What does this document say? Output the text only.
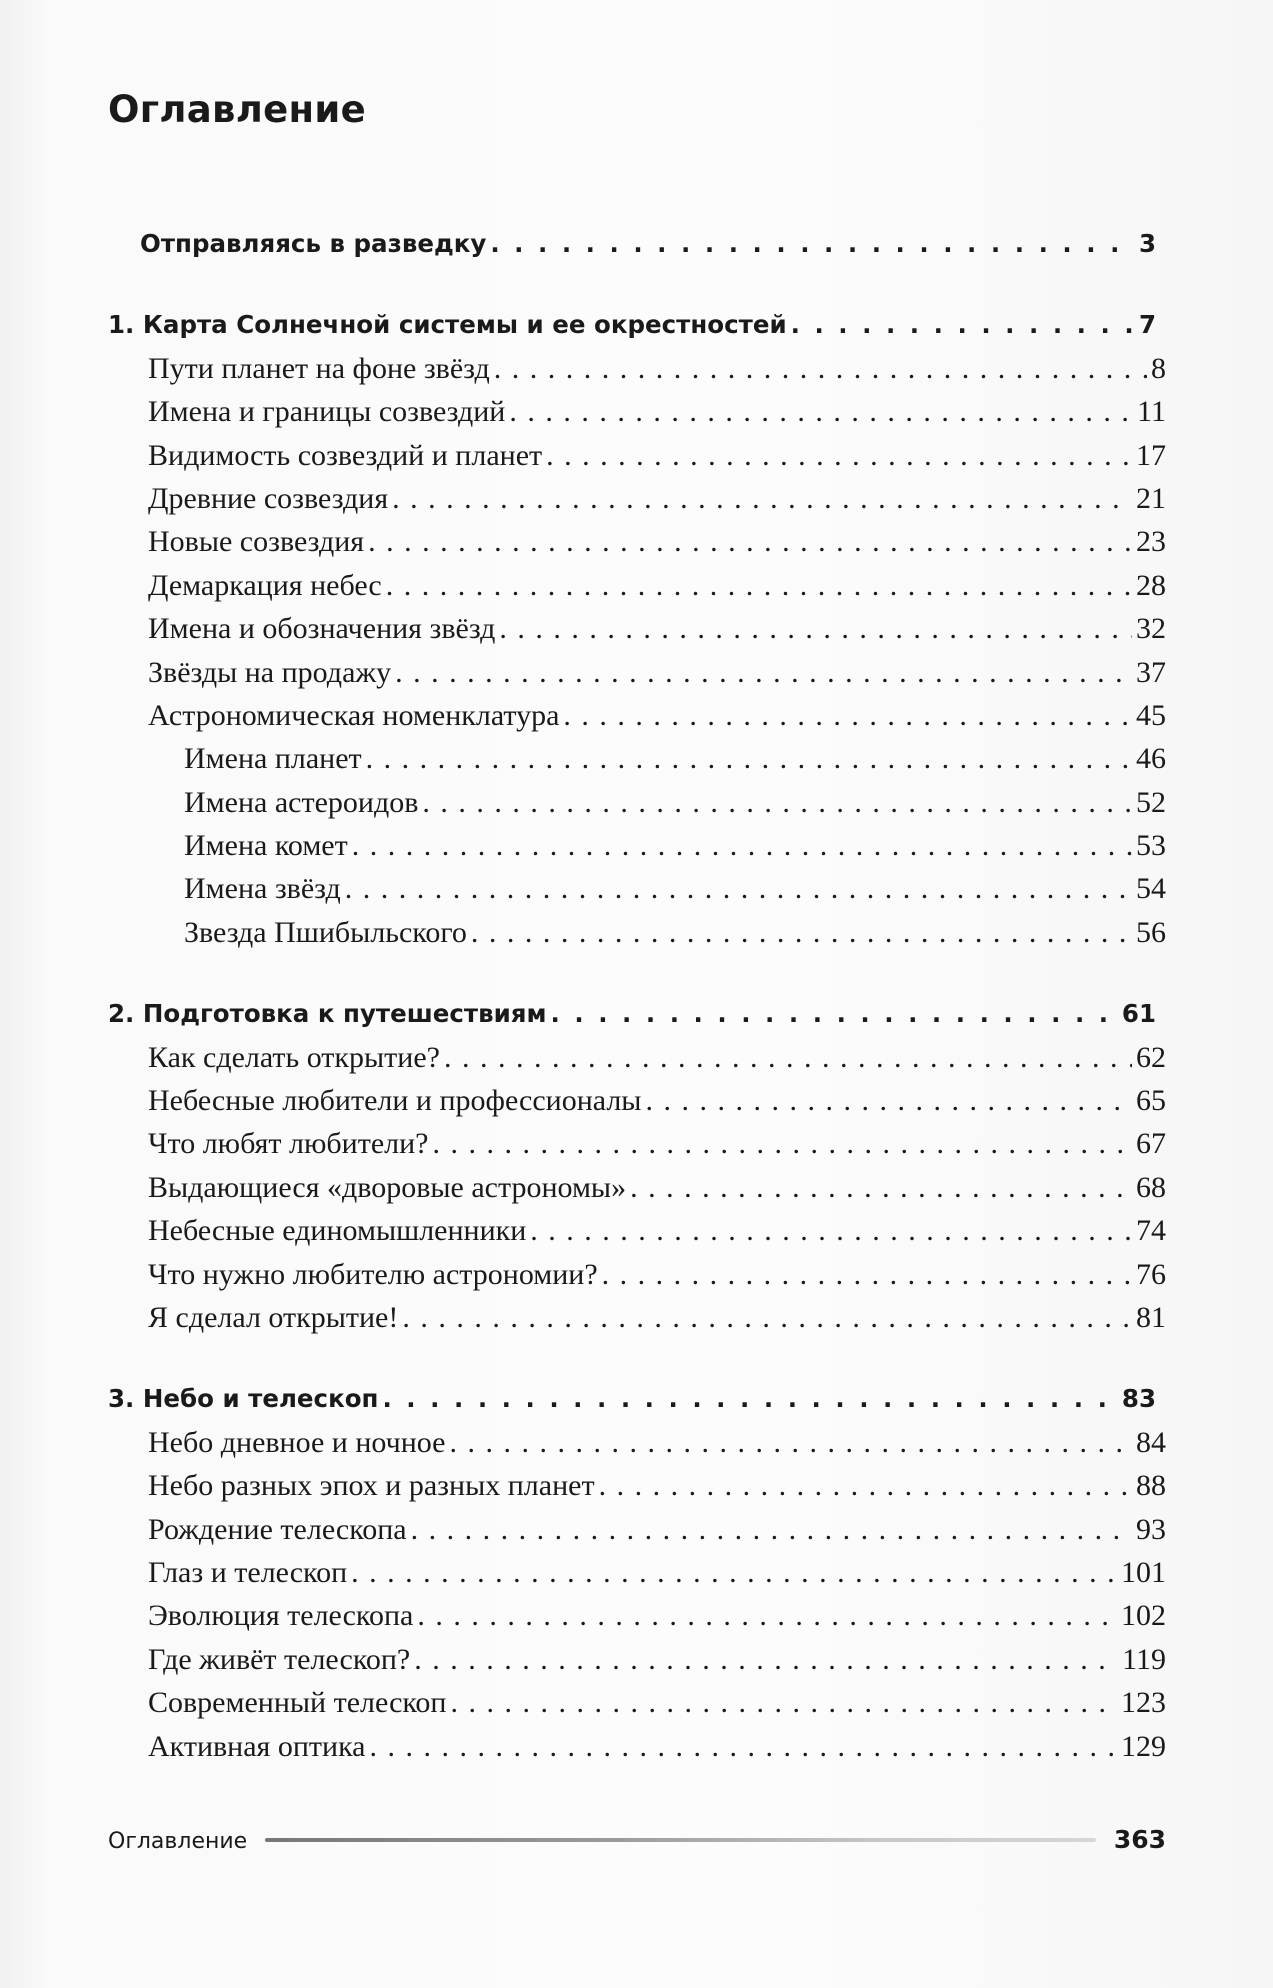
Оглавление
Отправляясь в разведку . . .	3
1. Карта Солнечной системы и ее окрестностей . . .	7
Пути планет на фоне звёзд . . .	8
Имена и границы созвездий . . .	11
Видимость созвездий и планет . . .	17
Древние созвездия . . .	21
Новые созвездия . . .	23
Демаркация небес . . .	28
Имена и обозначения звёзд . . .	32
Звёзды на продажу . . .	37
Астрономическая номенклатура . . .	45
Имена планет . . .	46
Имена астероидов . . .	52
Имена комет . . .	53
Имена звёзд . . .	54
Звезда Пшибыльского . . .	56
2. Подготовка к путешествиям . . .	61
Как сделать открытие? . . .	62
Небесные любители и профессионалы . . .	65
Что любят любители? . . .	67
Выдающиеся «дворовые астрономы» . . .	68
Небесные единомышленники . . .	74
Что нужно любителю астрономии? . . .	76
Я сделал открытие! . . .	81
3. Небо и телескоп . . .	83
Небо дневное и ночное . . .	84
Небо разных эпох и разных планет . . .	88
Рождение телескопа . . .	93
Глаз и телескоп . . .	101
Эволюция телескопа . . .	102
Где живёт телескоп? . . .	119
Современный телескоп . . .	123
Активная оптика . . .	129
Оглавление	363
